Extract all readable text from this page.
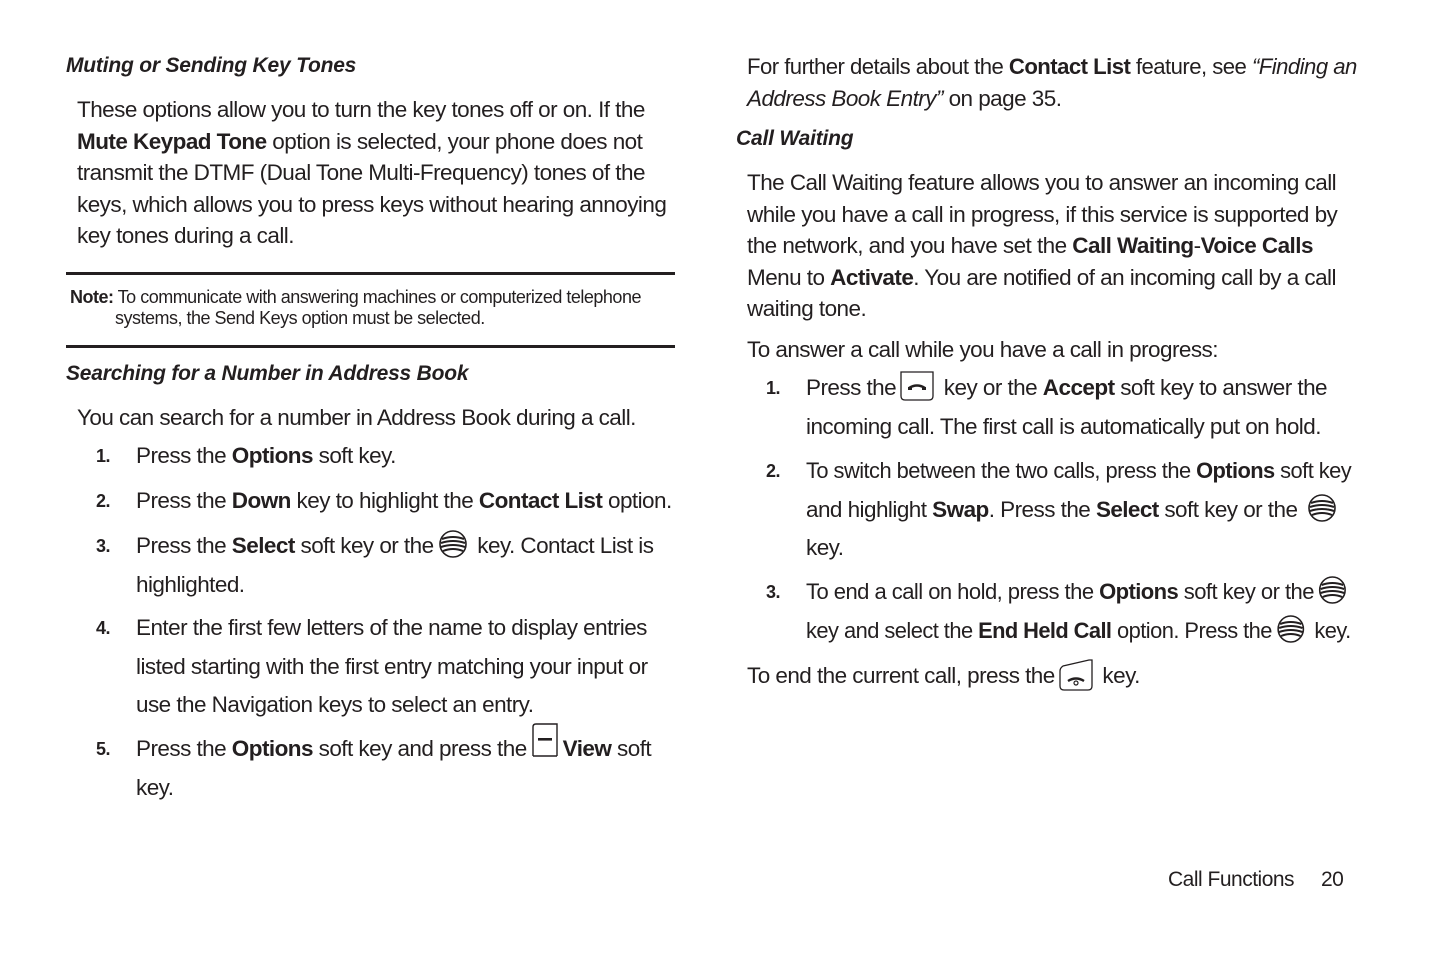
Muting or Sending Key Tones
These options allow you to turn the key tones off or on. If the
Mute Keypad Tone option is selected, your phone does not
transmit the DTMF (Dual Tone Multi-Frequency) tones of the
keys, which allows you to press keys without hearing annoying
key tones during a call.
Note: To communicate with answering machines or computerized telephone
systems, the Send Keys option must be selected.
Searching for a Number in Address Book
You can search for a number in Address Book during a call.
1. Press the Options soft key.
2. Press the Down key to highlight the Contact List option.
3. Press the Select soft key or the
key. Contact List is
highlighted.
4. Enter the first few letters of the name to display entries
listed starting with the first entry matching your input or
use the Navigation keys to select an entry.
5. Press the Options soft key and press the View soft
key.
For further details about the Contact List feature, see “Finding an
Address Book Entry” on page 35.
Call Waiting
The Call Waiting feature allows you to answer an incoming call
while you have a call in progress, if this service is supported by
the network, and you have set the Call Waiting-Voice Calls
Menu to Activate. You are notified of an incoming call by a call
waiting tone.
To answer a call while you have a call in progress:
1. Press the
key or the Accept soft key to answer the
incoming call. The first call is automatically put on hold.
2. To switch between the two calls, press the Options soft key
and highlight Swap. Press the Select soft key or the
key.
3. To end a call on hold, press the Options soft key or the
key and select the End Held Call option. Press the
key.
To end the current call, press the
key.
Call Functions 20
